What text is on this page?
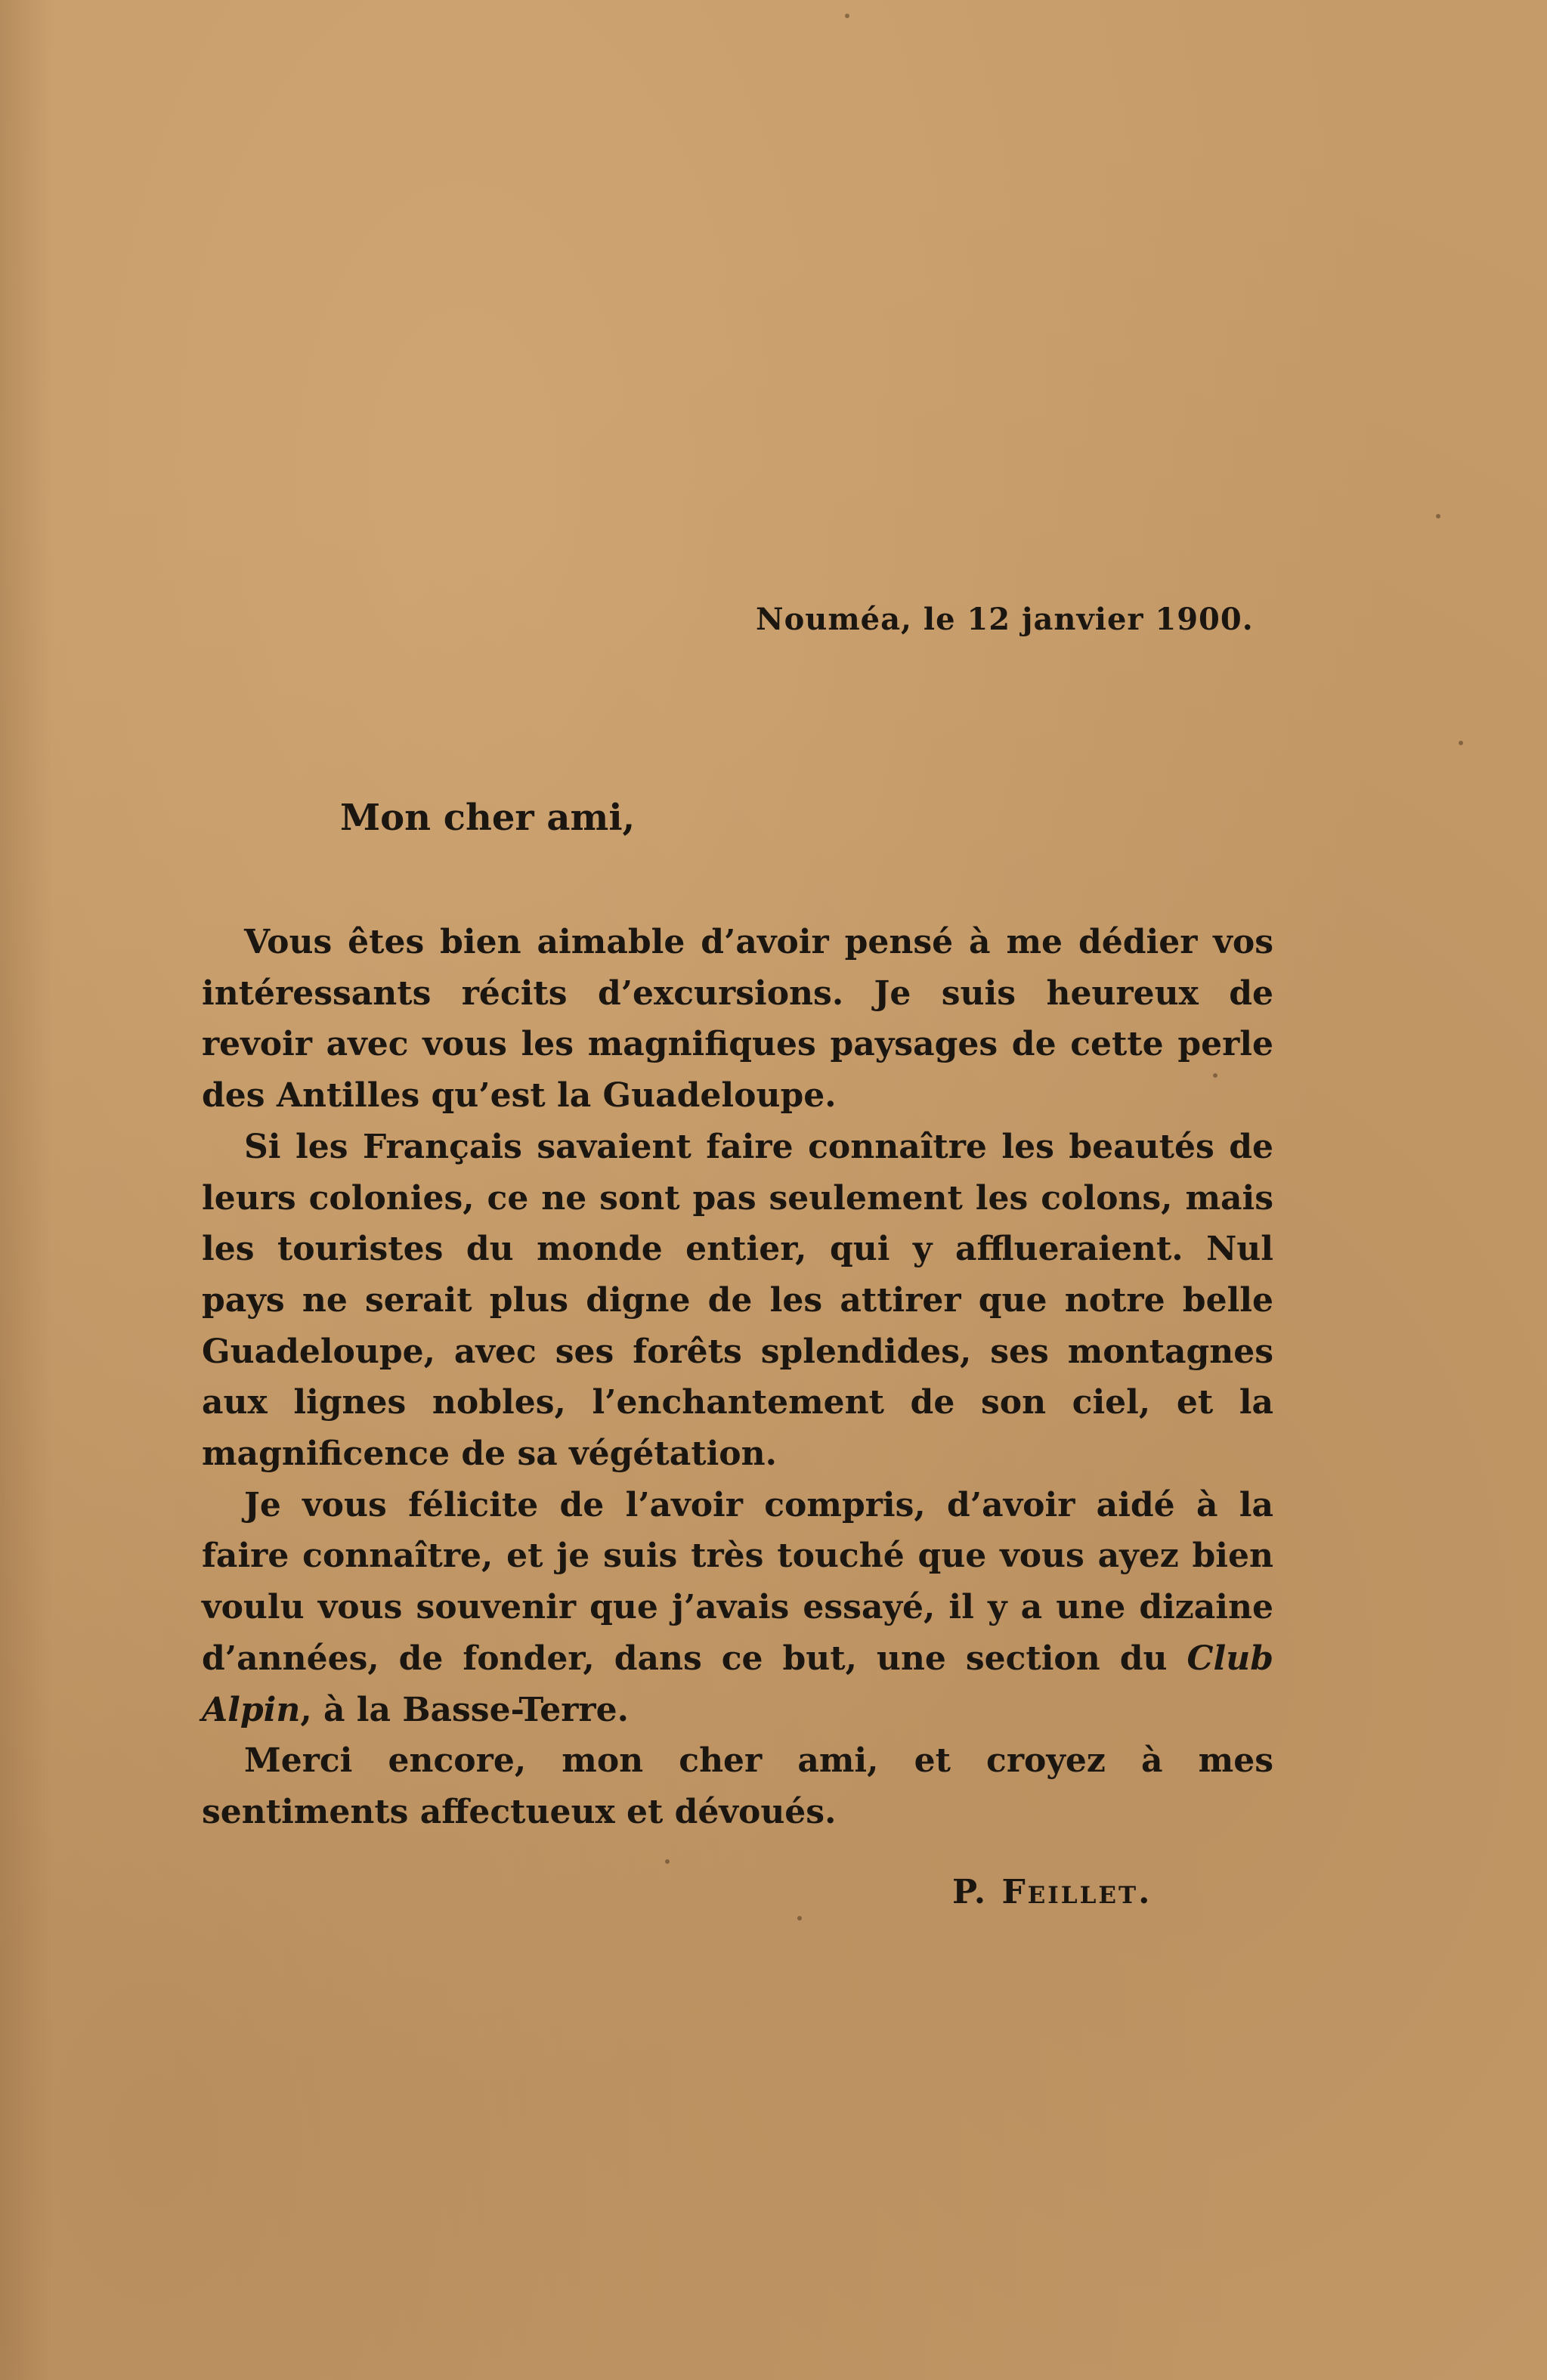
Nouméa, le 12 janvier 1900.
Mon cher ami,

Vous êtes bien aimable d’avoir pensé à me dédier vos intéressants récits d’excursions. Je suis heureux de revoir avec vous les magnifiques paysages de cette perle des Antilles qu’est la Guadeloupe.

Si les Français savaient faire connaître les beautés de leurs colonies, ce ne sont pas seulement les colons, mais les touristes du monde entier, qui y afflueraient. Nul pays ne serait plus digne de les attirer que notre belle Guadeloupe, avec ses forêts splendides, ses montagnes aux lignes nobles, l’enchantement de son ciel, et la magnificence de sa végétation.

Je vous félicite de l’avoir compris, d’avoir aidé à la faire connaître, et je suis très touché que vous ayez bien voulu vous souvenir que j’avais essayé, il y a une dizaine d’années, de fonder, dans ce but, une section du Club Alpin, à la Basse-Terre.

Merci encore, mon cher ami, et croyez à mes sentiments affectueux et dévoués.

P. Feillet.
